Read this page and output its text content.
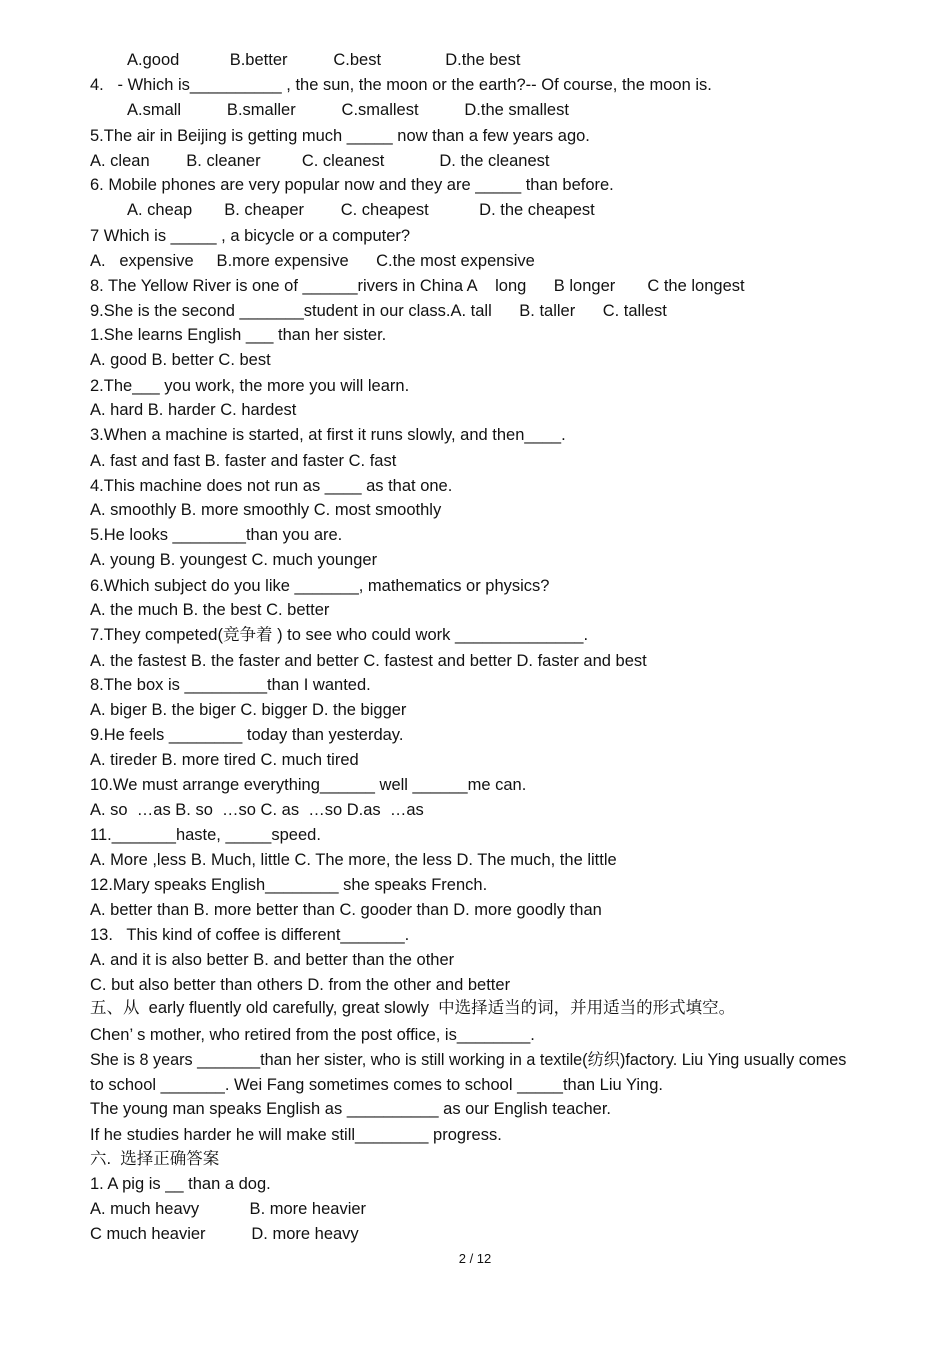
A.good           B.better          C.best              D.the best
4.   - Which is__________ , the sun, the moon or the earth?-- Of course, the moon is.
A.small          B.smaller          C.smallest          D.the smallest
5.The air in Beijing is getting much _____ now than a few years ago.
A. clean        B. cleaner         C. cleanest            D. the cleanest
6. Mobile phones are very popular now and they are _____ than before.
A. cheap       B. cheaper        C. cheapest           D. the cheapest
7 Which is _____ , a bicycle or a computer?
A.   expensive     B.more expensive      C.the most expensive
8. The Yellow River is one of ______rivers in China A    long      B longer       C the longest
9.She is the second _______student in our class.A. tall      B. taller      C. tallest
1.She learns English ___ than her sister.
A. good B. better C. best
2.The___ you work, the more you will learn.
A. hard B. harder C. hardest
3.When a machine is started, at first it runs slowly, and then____.
A. fast and fast B. faster and faster C. fast
4.This machine does not run as ____ as that one.
A. smoothly B. more smoothly C. most smoothly
5.He looks ________than you are.
A. young B. youngest C. much younger
6.Which subject do you like _______, mathematics or physics?
A. the much B. the best C. better
7.They competed(竞争着 ) to see who could work ______________.
A. the fastest B. the faster and better C. fastest and better D. faster and best
8.The box is _________than I wanted.
A. biger B. the biger C. bigger D. the bigger
9.He feels ________ today than yesterday.
A. tireder B. more tired C. much tired
10.We must arrange everything______ well ______me can.
A. so  …as B. so  …so C. as  …so D.as  …as
11._______haste, _____speed.
A. More ,less B. Much, little C. The more, the less D. The much, the little
12.Mary speaks English________ she speaks French.
A. better than B. more better than C. gooder than D. more goodly than
13.   This kind of coffee is different_______.
A. and it is also better B. and better than the other
C. but also better than others D. from the other and better
五、从  early fluently old carefully, great slowly  中选择适当的词，并用适当的形式填空。
Chen’ s mother, who retired from the post office, is________.
She is 8 years _______than her sister, who is still working in a textile(纺织)factory. Liu Ying usually comes
to school _______. Wei Fang sometimes comes to school _____than Liu Ying.
The young man speaks English as __________ as our English teacher.
If he studies harder he will make still________ progress.
六.  选择正确答案
1. A pig is __ than a dog.
A. much heavy           B. more heavier
C much heavier          D. more heavy
2 / 12
